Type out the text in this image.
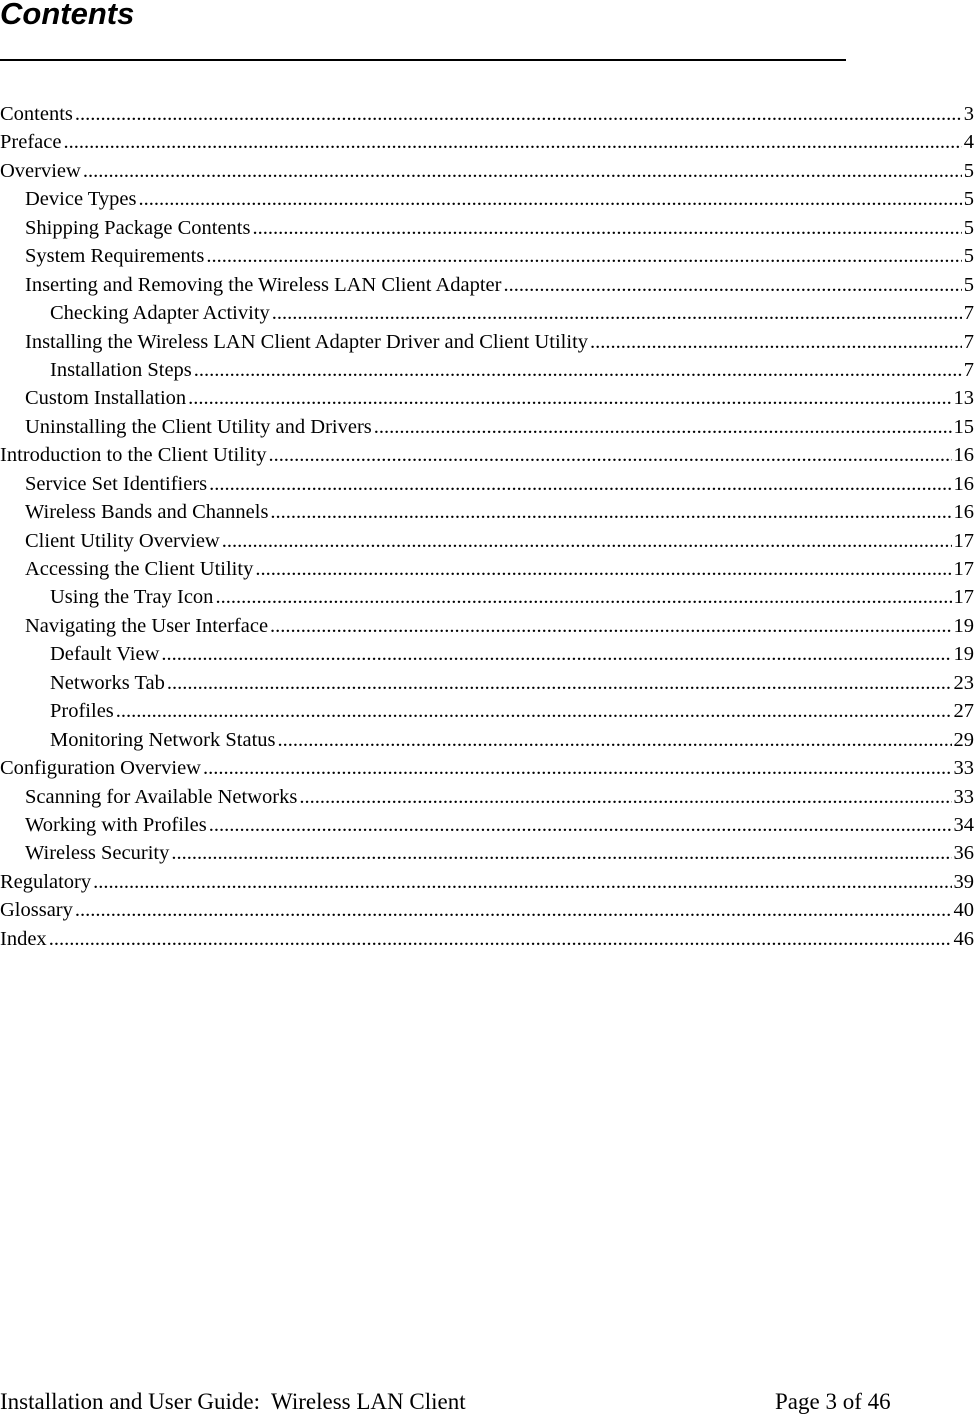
Contents
Contents .....	3
Preface .....	4
Overview .....	5
Device Types .....	5
Shipping Package Contents .....	5
System Requirements .....	5
Inserting and Removing the Wireless LAN Client Adapter .....	5
Checking Adapter Activity .....	7
Installing the Wireless LAN Client Adapter Driver and Client Utility .....	7
Installation Steps .....	7
Custom Installation .....	13
Uninstalling the Client Utility and Drivers .....	15
Introduction to the Client Utility .....	16
Service Set Identifiers .....	16
Wireless Bands and Channels .....	16
Client Utility Overview .....	17
Accessing the Client Utility .....	17
Using the Tray Icon .....	17
Navigating the User Interface .....	19
Default View .....	19
Networks Tab .....	23
Profiles .....	27
Monitoring Network Status .....	29
Configuration Overview .....	33
Scanning for Available Networks .....	33
Working with Profiles .....	34
Wireless Security .....	36
Regulatory .....	39
Glossary .....	40
Index .....	46
Installation and User Guide:  Wireless LAN Client	Page 3 of 46
